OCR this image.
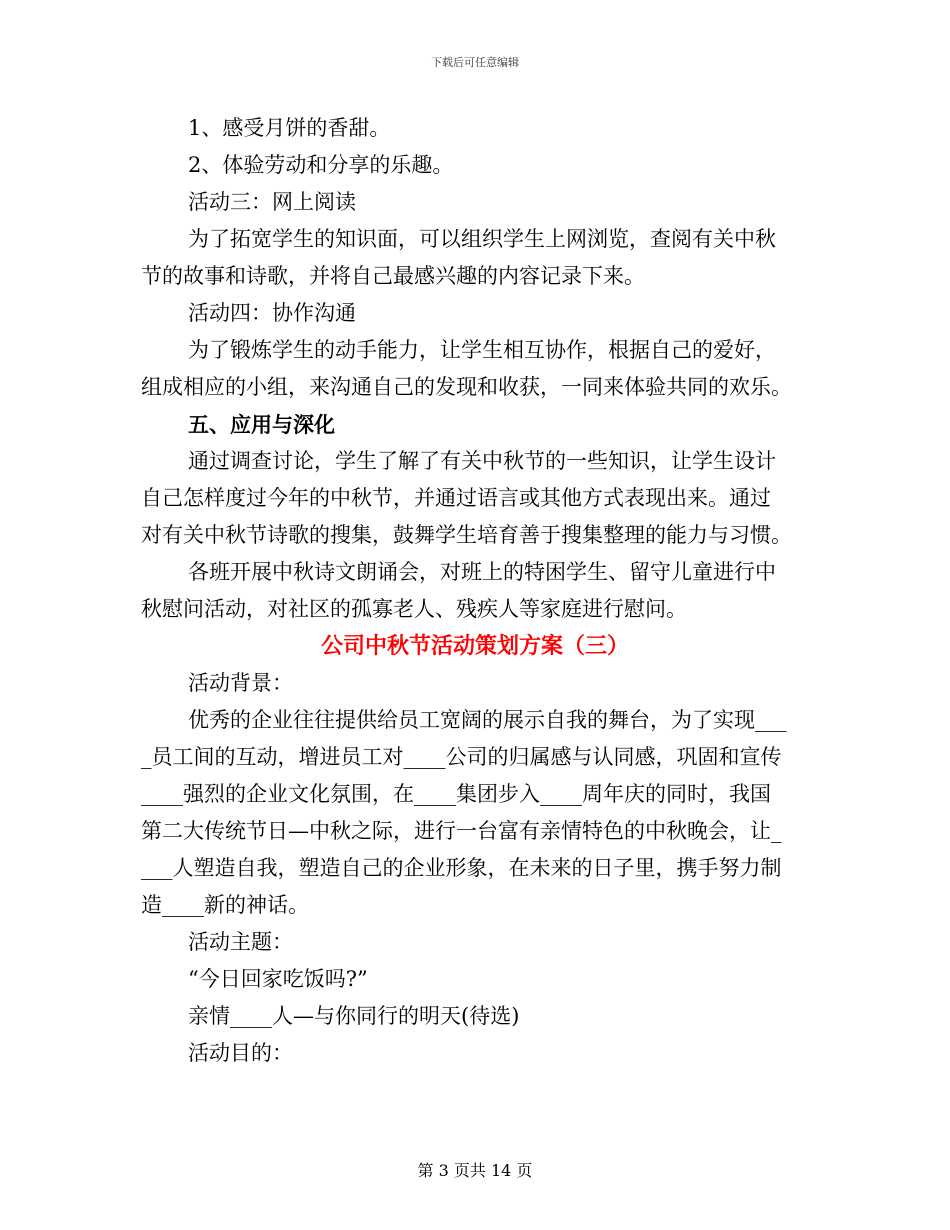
下载后可任意编辑
1、感受月饼的香甜。
2、体验劳动和分享的乐趣。
活动三：网上阅读
为了拓宽学生的知识面，可以组织学生上网浏览，查阅有关中秋
节的故事和诗歌，并将自己最感兴趣的内容记录下来。
活动四：协作沟通
为了锻炼学生的动手能力，让学生相互协作，根据自己的爱好，
组成相应的小组，来沟通自己的发现和收获，一同来体验共同的欢乐。
五、应用与深化
通过调查讨论，学生了解了有关中秋节的一些知识，让学生设计
自己怎样度过今年的中秋节，并通过语言或其他方式表现出来。通过
对有关中秋节诗歌的搜集，鼓舞学生培育善于搜集整理的能力与习惯。
各班开展中秋诗文朗诵会，对班上的特困学生、留守儿童进行中
秋慰问活动，对社区的孤寡老人、残疾人等家庭进行慰问。
公司中秋节活动策划方案（三）
活动背景：
优秀的企业往往提供给员工宽阔的展示自我的舞台，为了实现___
_员工间的互动，增进员工对____公司的归属感与认同感，巩固和宣传
____强烈的企业文化氛围，在____集团步入____周年庆的同时，我国
第二大传统节日—中秋之际，进行一台富有亲情特色的中秋晚会，让_
___人塑造自我，塑造自己的企业形象，在未来的日子里，携手努力制
造____新的神话。
活动主题：
“今日回家吃饭吗?”
亲情____人—与你同行的明天(待选)
活动目的：
第 3 页共 14 页
